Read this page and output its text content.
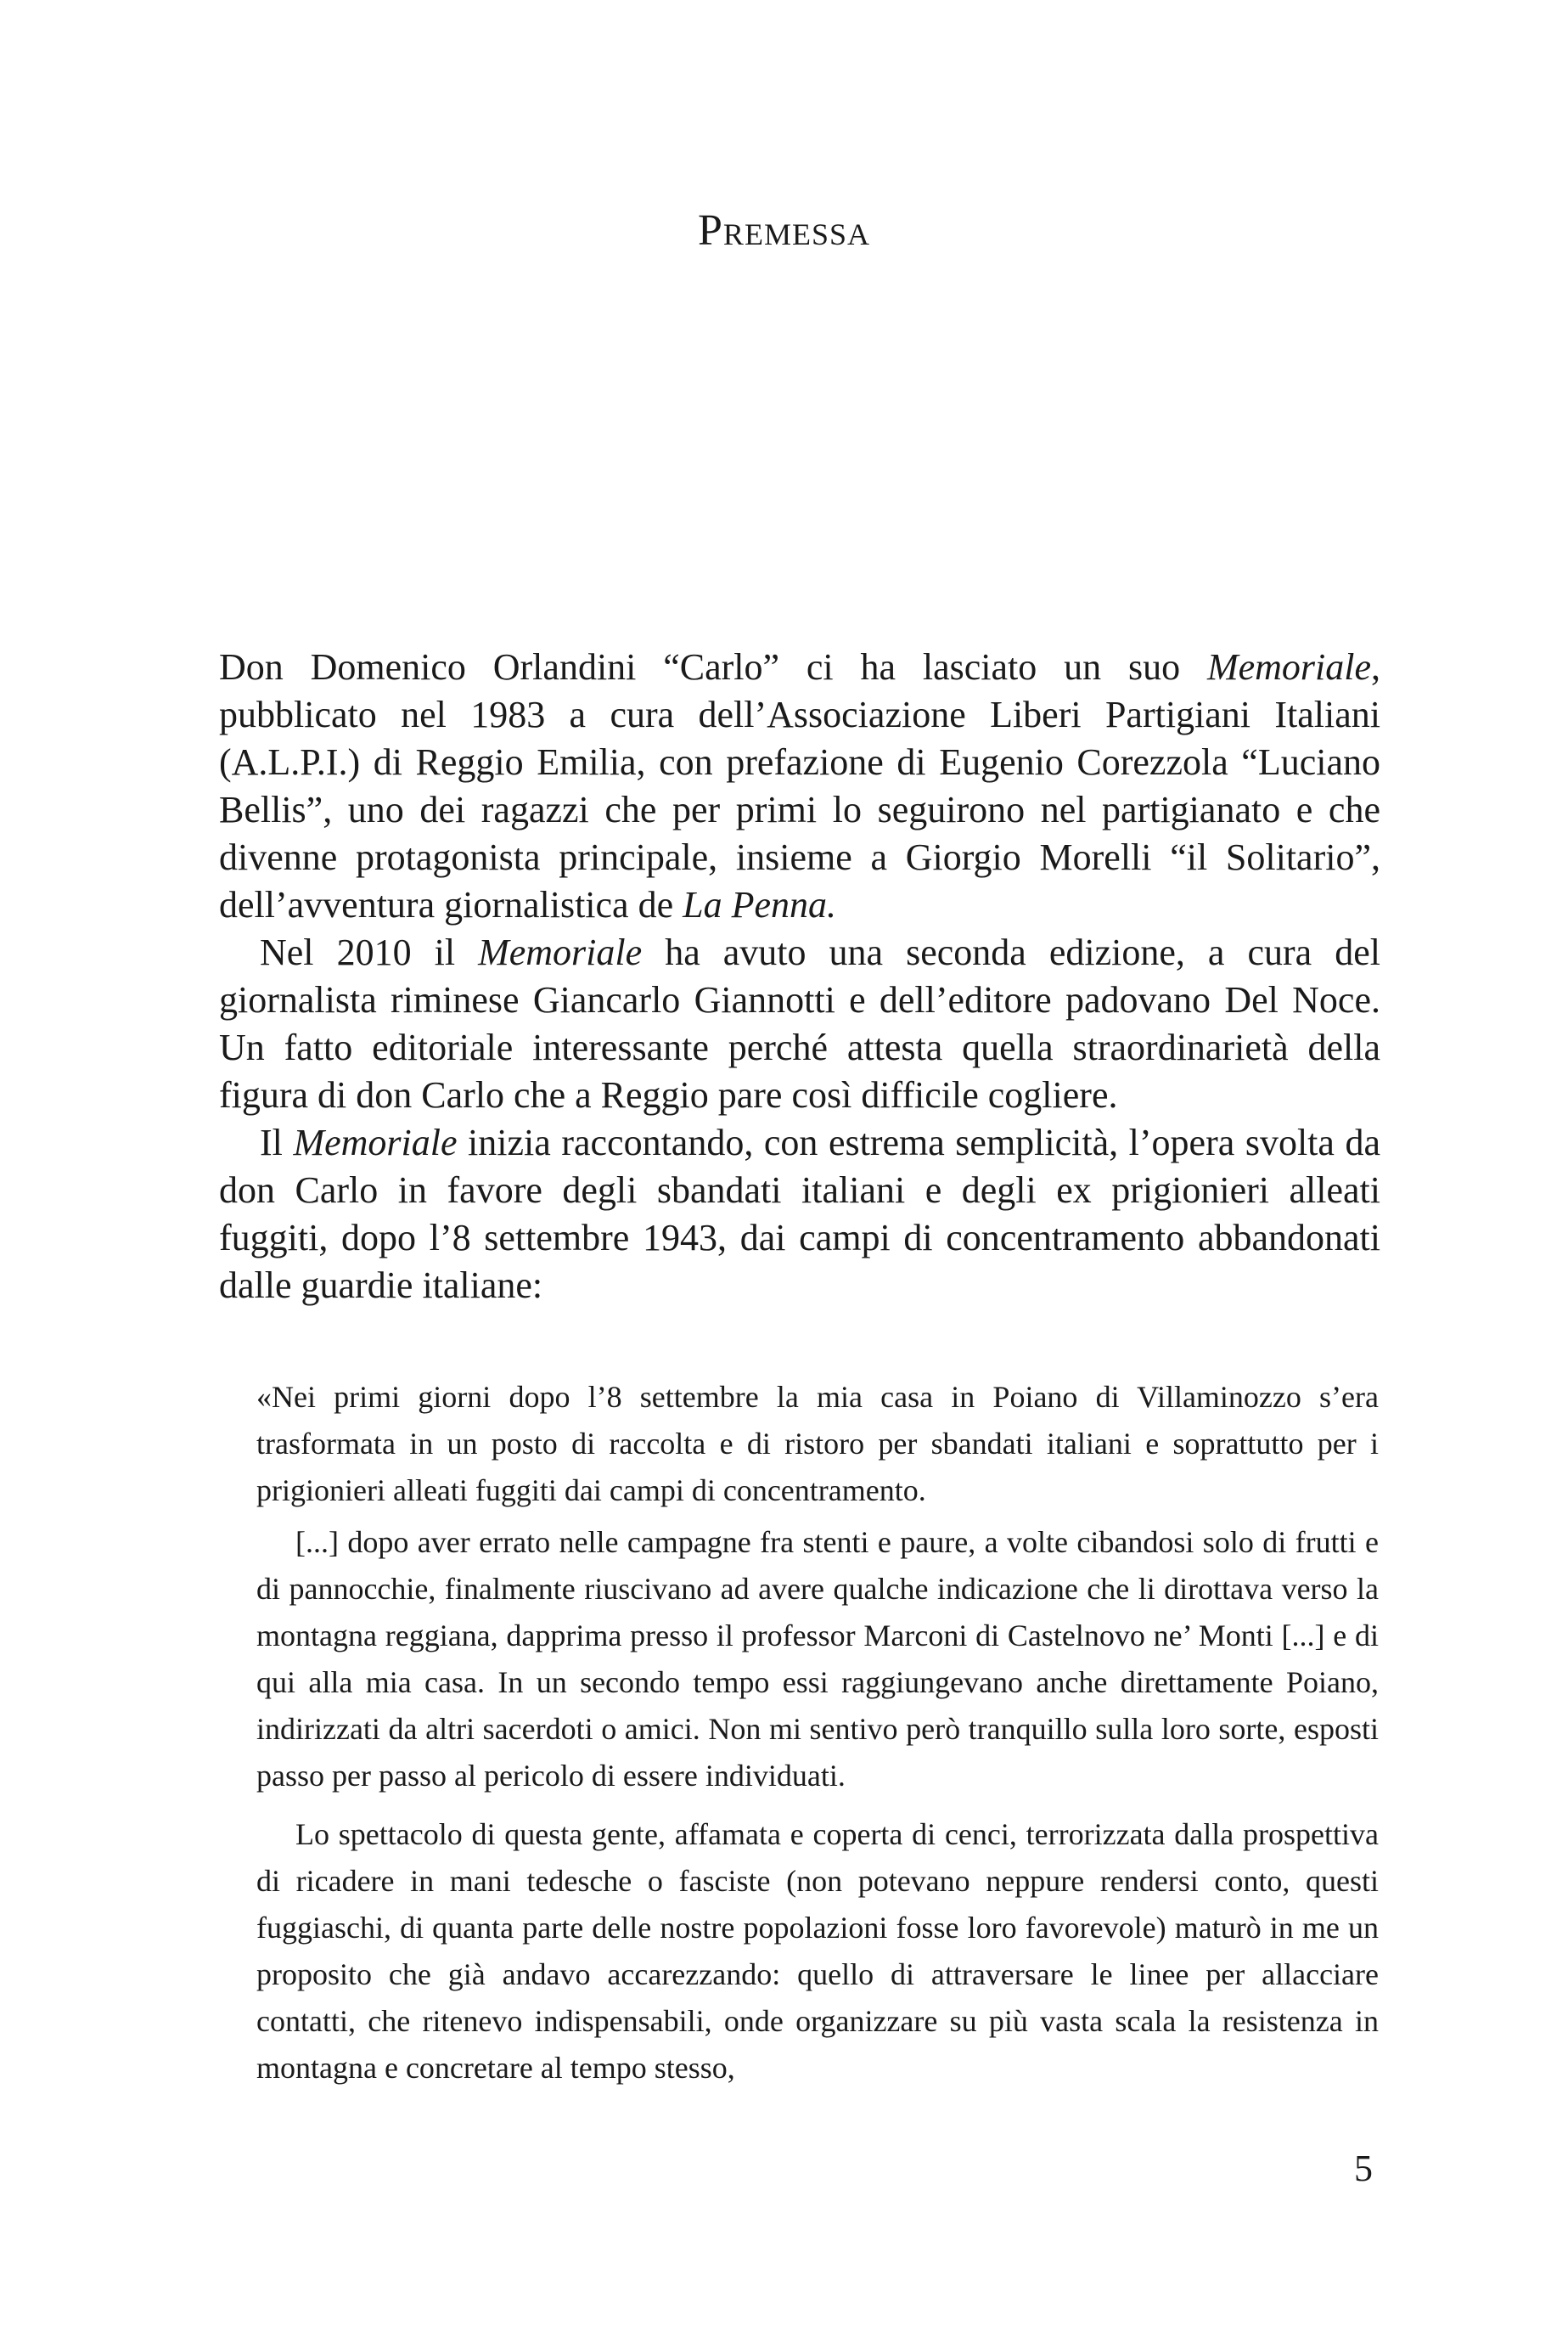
Premessa

Don Domenico Orlandini “Carlo” ci ha lasciato un suo Memoriale, pubblicato nel 1983 a cura dell’Associazione Liberi Partigiani Italiani (A.L.P.I.) di Reggio Emilia, con prefazione di Eugenio Corezzola “Luciano Bellis”, uno dei ragazzi che per primi lo seguirono nel partigianato e che divenne protagonista principale, insieme a Giorgio Morelli “il Solitario”, dell’avventura giornalistica de La Penna.

Nel 2010 il Memoriale ha avuto una seconda edizione, a cura del giornalista riminese Giancarlo Giannotti e dell’editore padovano Del Noce. Un fatto editoriale interessante perché attesta quella straordinarietà della figura di don Carlo che a Reggio pare così difficile cogliere.

Il Memoriale inizia raccontando, con estrema semplicità, l’opera svolta da don Carlo in favore degli sbandati italiani e degli ex prigionieri alleati fuggiti, dopo l’8 settembre 1943, dai campi di concentramento abbandonati dalle guardie italiane:

«Nei primi giorni dopo l’8 settembre la mia casa in Poiano di Villaminozzo s’era trasformata in un posto di raccolta e di ristoro per sbandati italiani e soprattutto per i prigionieri alleati fuggiti dai campi di concentramento.

[...] dopo aver errato nelle campagne fra stenti e paure, a volte cibandosi solo di frutti e di pannocchie, finalmente riuscivano ad avere qualche indicazione che li dirottava verso la montagna reggiana, dapprima presso il professor Marconi di Castelnovo ne’ Monti [...] e di qui alla mia casa. In un secondo tempo essi raggiungevano anche direttamente Poiano, indirizzati da altri sacerdoti o amici. Non mi sentivo però tranquillo sulla loro sorte, esposti passo per passo al pericolo di essere individuati.

Lo spettacolo di questa gente, affamata e coperta di cenci, terrorizzata dalla prospettiva di ricadere in mani tedesche o fasciste (non potevano neppure rendersi conto, questi fuggiaschi, di quanta parte delle nostre popolazioni fosse loro favorevole) maturò in me un proposito che già andavo accarezzando: quello di attraversare le linee per allacciare contatti, che ritenevo indispensabili, onde organizzare su più vasta scala la resistenza in montagna e concretare al tempo stesso,

5
